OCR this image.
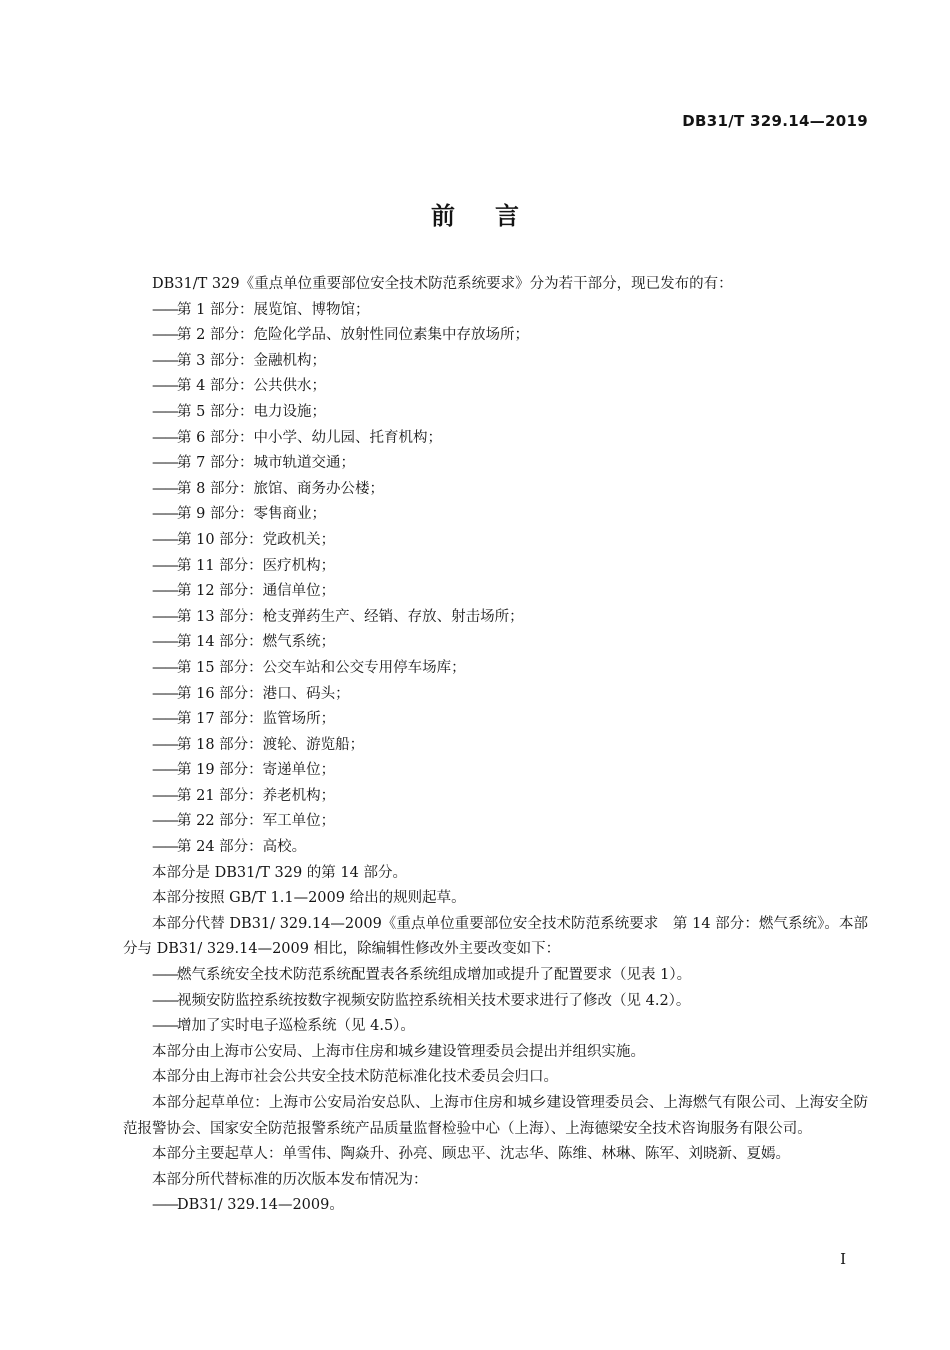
DB31/T 329.14—2019
前言

DB31/T 329《重点单位重要部位安全技术防范系统要求》分为若干部分，现已发布的有：

——第 1 部分：展览馆、博物馆；

——第 2 部分：危险化学品、放射性同位素集中存放场所；

——第 3 部分：金融机构；

——第 4 部分：公共供水；

——第 5 部分：电力设施；

——第 6 部分：中小学、幼儿园、托育机构；

——第 7 部分：城市轨道交通；

——第 8 部分：旅馆、商务办公楼；

——第 9 部分：零售商业；

——第 10 部分：党政机关；

——第 11 部分：医疗机构；

——第 12 部分：通信单位；

——第 13 部分：枪支弹药生产、经销、存放、射击场所；

——第 14 部分：燃气系统；

——第 15 部分：公交车站和公交专用停车场库；

——第 16 部分：港口、码头；

——第 17 部分：监管场所；

——第 18 部分：渡轮、游览船；

——第 19 部分：寄递单位；

——第 21 部分：养老机构；

——第 22 部分：军工单位；

——第 24 部分：高校。

本部分是 DB31/T 329 的第 14 部分。

本部分按照 GB/T 1.1—2009 给出的规则起草。

本部分代替 DB31/ 329.14—2009《重点单位重要部位安全技术防范系统要求　第 14 部分：燃气系统》。本部分与 DB31/ 329.14—2009 相比，除编辑性修改外主要改变如下：

——燃气系统安全技术防范系统配置表各系统组成增加或提升了配置要求（见表 1）。

——视频安防监控系统按数字视频安防监控系统相关技术要求进行了修改（见 4.2）。

——增加了实时电子巡检系统（见 4.5）。

本部分由上海市公安局、上海市住房和城乡建设管理委员会提出并组织实施。

本部分由上海市社会公共安全技术防范标准化技术委员会归口。

本部分起草单位：上海市公安局治安总队、上海市住房和城乡建设管理委员会、上海燃气有限公司、上海安全防范报警协会、国家安全防范报警系统产品质量监督检验中心（上海）、上海德梁安全技术咨询服务有限公司。

本部分主要起草人：单雪伟、陶焱升、孙亮、顾忠平、沈志华、陈维、林琳、陈军、刘晓新、夏嫣。

本部分所代替标准的历次版本发布情况为：

——DB31/ 329.14—2009。

I
